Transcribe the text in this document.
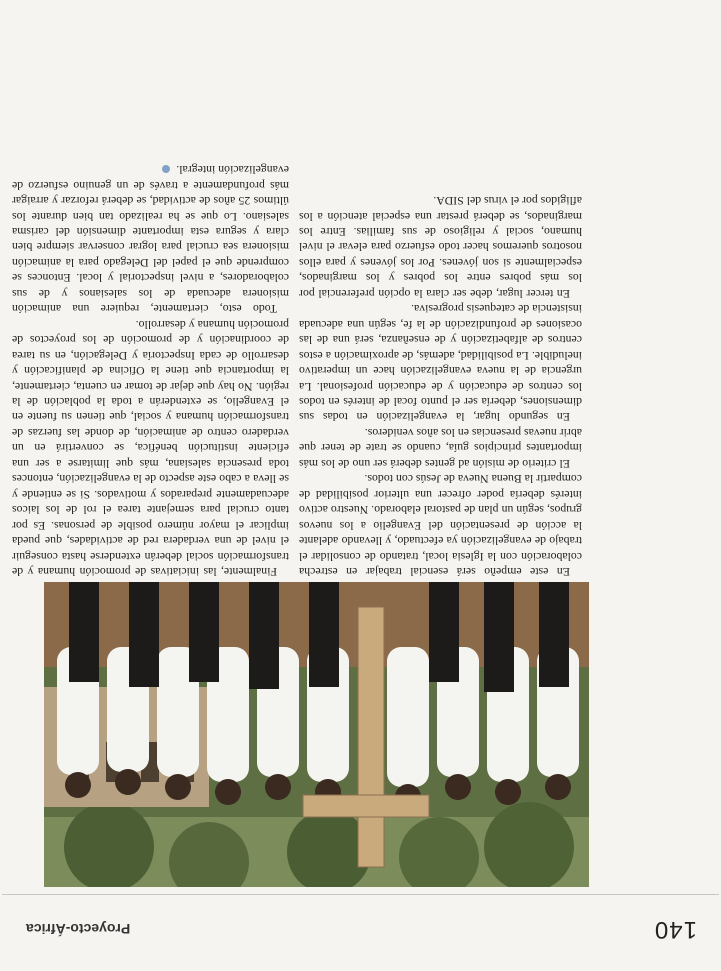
140
Proyecto-África

En este empeño será esencial trabajar en estrecha colaboración con la Iglesia local, tratando de consolidar el trabajo de evangelización ya efectuado, y llevando adelante la acción de presentación del Evangelio a los nuevos grupos, según un plan de pastoral elaborado. Nuestro activo interés debería poder ofrecer una ulterior posibilidad de compartir la Buena Nueva de Jesús con todos.

El criterio de misión ad gentes deberá ser uno de los más importantes principios guía, cuando se trate de tener que abrir nuevas presencias en los años venideros.

En segundo lugar, la evangelización en todas sus dimensiones, debería ser el punto focal de interés en todos los centros de educación y de educación profesional. La urgencia de la nueva evangelización hace un imperativo ineludible. La posibilidad, además, de aproximación a estos centros de alfabetización y de enseñanza, será una de las ocasiones de profundización de la fe, según una adecuada insistencia de catequesis progresiva.

En tercer lugar, debe ser clara la opción preferencial por los más pobres entre los pobres y los marginados, especialmente si son jóvenes. Por los jóvenes y para ellos nosotros queremos hacer todo esfuerzo para elevar el nivel humano, social y religioso de sus familias. Entre los marginados, se deberá prestar una especial atención a los afligidos por el virus del SIDA.

Finalmente, las iniciativas de promoción humana y de transformación social deberán extenderse hasta conseguir el nivel de una verdadera red de actividades, que pueda implicar el mayor número posible de personas. Es por tanto crucial para semejante tarea el rol de los laicos adecuadamente preparados y motivados. Si se entiende y se lleva a cabo este aspecto de la evangelización, entonces toda presencia salesiana, más que limitarse a ser una eficiente institución benéfica, se convertirá en un verdadero centro de animación, de donde las fuerzas de transformación humana y social, que tienen su fuente en el Evangelio, se extenderán a toda la población de la región. No hay que dejar de tomar en cuenta, ciertamente, la importancia que tiene la Oficina de planificación y desarrollo de cada Inspectoría y Delegación, en su tarea de coordinación y de promoción de los proyectos de promoción humana y desarrollo.

Todo esto, ciertamente, requiere una animación misionera adecuada de los salesianos y de sus colaboradores, a nivel inspectorial y local. Entonces se comprende que el papel del Delegado para la animación misionera sea crucial para lograr conservar siempre bien clara y segura esta importante dimensión del carisma salesiano. Lo que se ha realizado tan bien durante los últimos 25 años de actividad, se deberá reforzar y arraigar más profundamente a través de un genuino esfuerzo de evangelización integral.
